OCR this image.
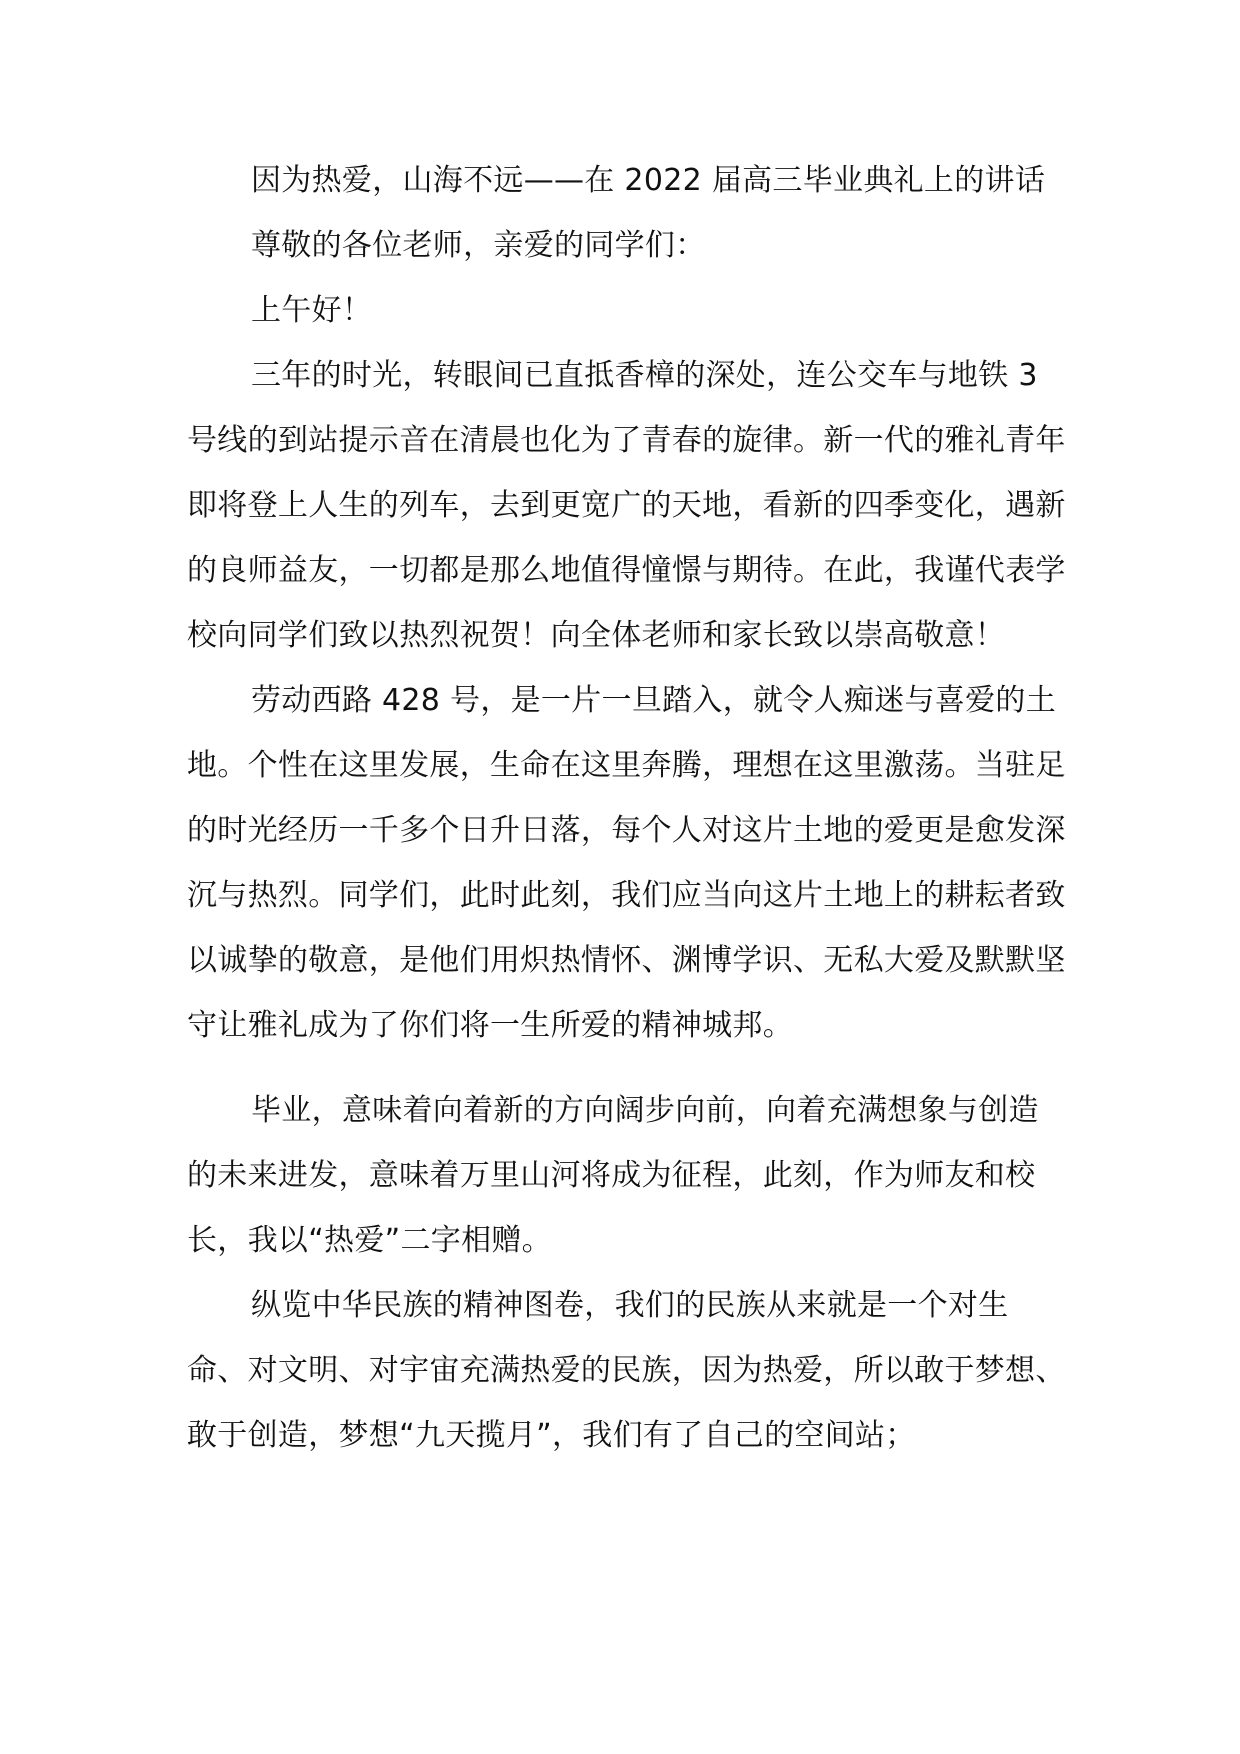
因为热爱，山海不远——在 2022 届高三毕业典礼上的讲话

尊敬的各位老师，亲爱的同学们：

上午好！

三年的时光，转眼间已直抵香樟的深处，连公交车与地铁 3 号线的到站提示音在清晨也化为了青春的旋律。新一代的雅礼青年即将登上人生的列车，去到更宽广的天地，看新的四季变化，遇新的良师益友，一切都是那么地值得憧憬与期待。在此，我谨代表学校向同学们致以热烈祝贺！向全体老师和家长致以崇高敬意！

劳动西路 428 号，是一片一旦踏入，就令人痴迷与喜爱的土地。个性在这里发展，生命在这里奔腾，理想在这里激荡。当驻足的时光经历一千多个日升日落，每个人对这片土地的爱更是愈发深沉与热烈。同学们，此时此刻，我们应当向这片土地上的耕耘者致以诚挚的敬意，是他们用炽热情怀、渊博学识、无私大爱及默默坚守让雅礼成为了你们将一生所爱的精神城邦。

毕业，意味着向着新的方向阔步向前，向着充满想象与创造的未来进发，意味着万里山河将成为征程，此刻，作为师友和校长，我以“热爱”二字相赠。

纵览中华民族的精神图卷，我们的民族从来就是一个对生命、对文明、对宇宙充满热爱的民族，因为热爱，所以敢于梦想、敢于创造，梦想“九天揽月”，我们有了自己的空间站；
